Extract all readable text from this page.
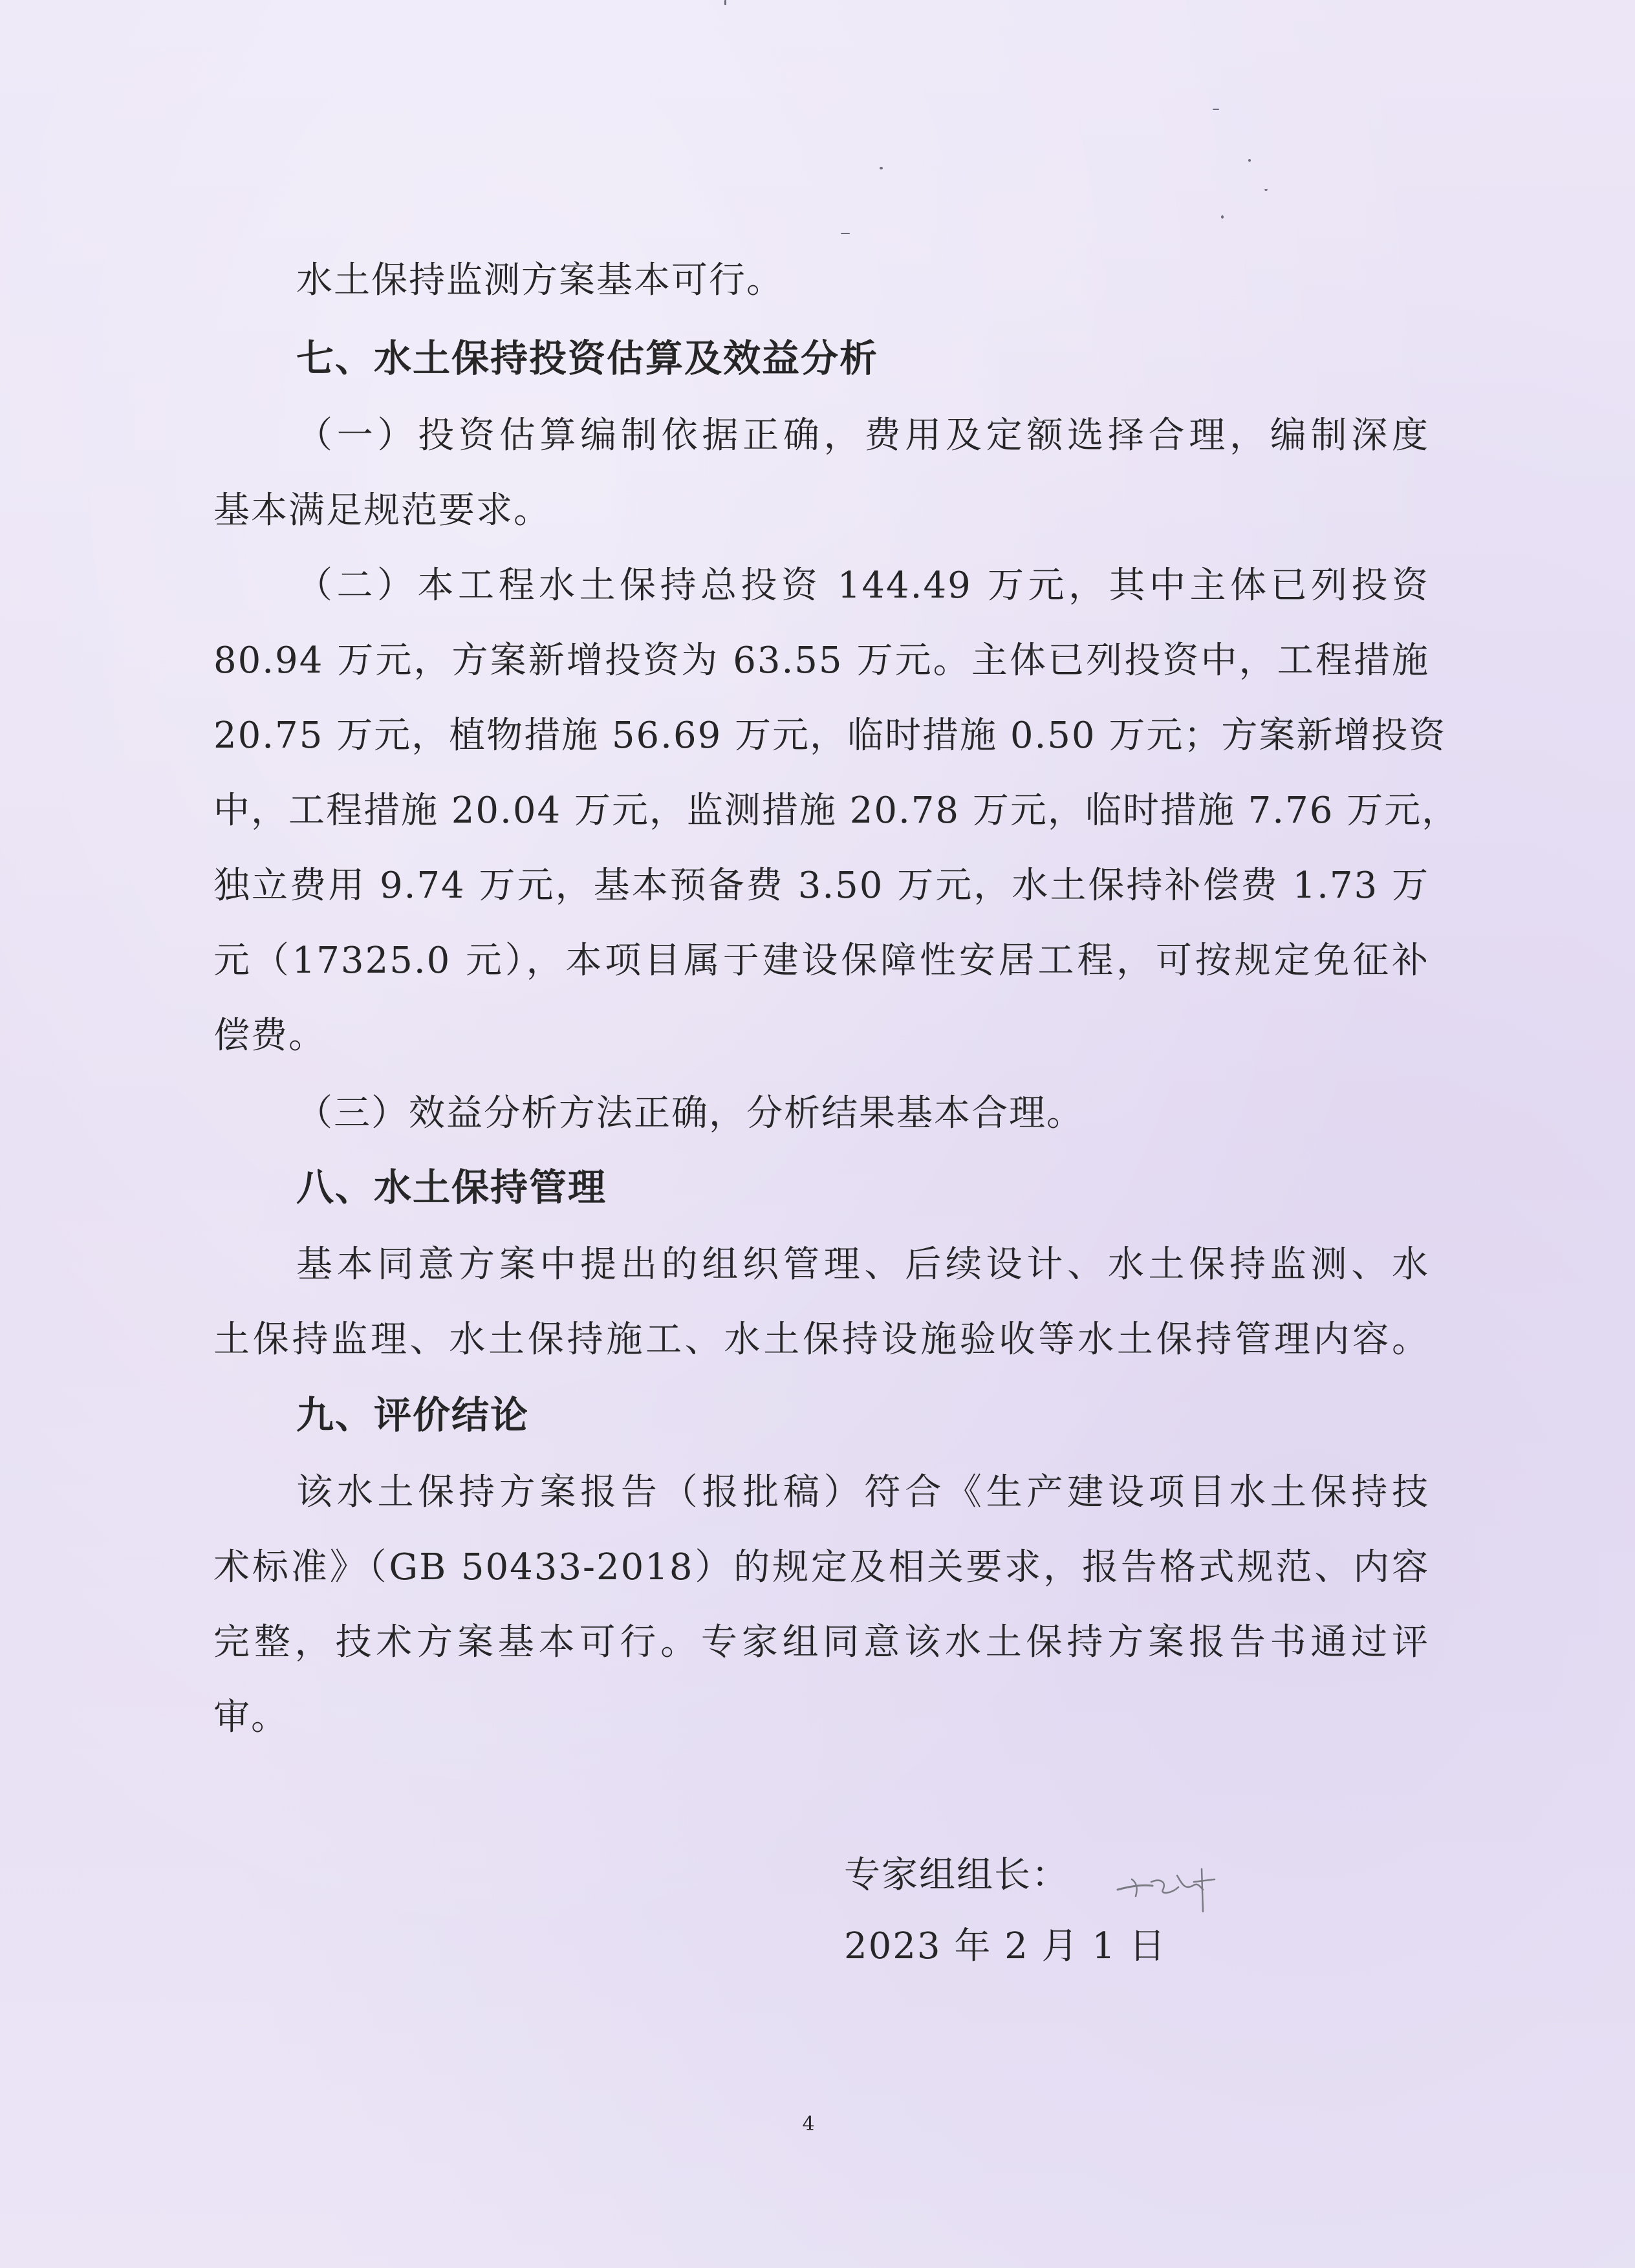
水土保持监测方案基本可行。
七、水土保持投资估算及效益分析
（一）投资估算编制依据正确，费用及定额选择合理，编制深度
基本满足规范要求。
（二）本工程水土保持总投资 144.49 万元，其中主体已列投资
80.94 万元，方案新增投资为 63.55 万元。主体已列投资中，工程措施
20.75 万元，植物措施 56.69 万元，临时措施 0.50 万元；方案新增投资
中，工程措施 20.04 万元，监测措施 20.78 万元，临时措施 7.76 万元，
独立费用 9.74 万元，基本预备费 3.50 万元，水土保持补偿费 1.73 万
元（17325.0 元），本项目属于建设保障性安居工程，可按规定免征补
偿费。
（三）效益分析方法正确，分析结果基本合理。
八、水土保持管理
基本同意方案中提出的组织管理、后续设计、水土保持监测、水
土保持监理、水土保持施工、水土保持设施验收等水土保持管理内容。
九、评价结论
该水土保持方案报告（报批稿）符合《生产建设项目水土保持技
术标准》（GB 50433-2018）的规定及相关要求，报告格式规范、内容
完整，技术方案基本可行。专家组同意该水土保持方案报告书通过评
审。
专家组组长：
2023 年 2 月 1 日
4
